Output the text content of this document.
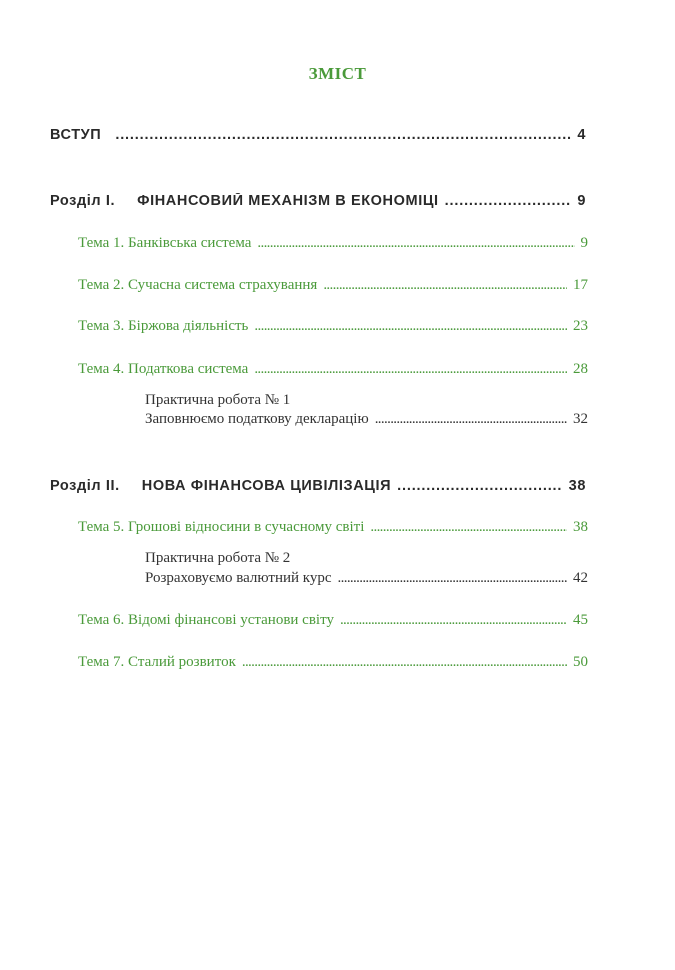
ЗМІСТ
ВСТУП . . .	4
Розділ І. ФІНАНСОВИЙ МЕХАНІЗМ В ЕКОНОМІЦІ . . .	9
Тема 1. Банківська система . . .	9
Тема 2. Сучасна система страхування . . .	17
Тема 3. Біржова діяльність . . .	23
Тема 4. Податкова система . . .	28
Практична робота № 1
Заповнюємо податкову декларацію . . .	32
Розділ ІІ. НОВА ФІНАНСОВА ЦИВІЛІЗАЦІЯ . . .	38
Тема 5. Грошові відносини в сучасному світі . . .	38
Практична робота № 2
Розраховуємо валютний курс . . .	42
Тема 6. Відомі фінансові установи світу . . .	45
Тема 7. Сталий розвиток . . .	50
